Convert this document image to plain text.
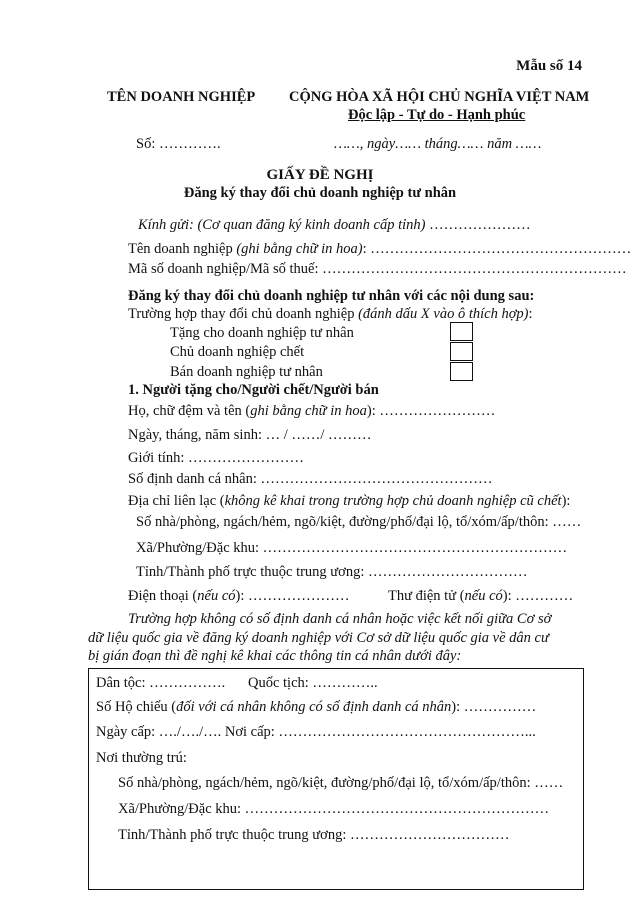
Mẫu số 14
TÊN DOANH NGHIỆP CỘNG HÒA XÃ HỘI CHỦ NGHĨA VIỆT NAM
Độc lập - Tự do - Hạnh phúc
Số: ………….	……, ngày…… tháng…… năm ……
GIẤY ĐỀ NGHỊ
Đăng ký thay đổi chủ doanh nghiệp tư nhân
Kính gửi: (Cơ quan đăng ký kinh doanh cấp tỉnh) …………………
Tên doanh nghiệp (ghi bằng chữ in hoa): ………………………………………………
Mã số doanh nghiệp/Mã số thuế: ………………………………………………………
Đăng ký thay đổi chủ doanh nghiệp tư nhân với các nội dung sau:
Trường hợp thay đổi chủ doanh nghiệp (đánh dấu X vào ô thích hợp):
Tặng cho doanh nghiệp tư nhân
Chủ doanh nghiệp chết
Bán doanh nghiệp tư nhân
1. Người tặng cho/Người chết/Người bán
Họ, chữ đệm và tên (ghi bằng chữ in hoa): ……………………
Ngày, tháng, năm sinh: … / ……/ ………
Giới tính: ……………………
Số định danh cá nhân: …………………………………………
Địa chỉ liên lạc (không kê khai trong trường hợp chủ doanh nghiệp cũ chết):
Số nhà/phòng, ngách/hẻm, ngõ/kiệt, đường/phố/đại lộ, tổ/xóm/ấp/thôn: ……
Xã/Phường/Đặc khu: ………………………………………………………
Tỉnh/Thành phố trực thuộc trung ương: ……………………………
Điện thoại (nếu có): …………………	Thư điện tử (nếu có): …………
Trường hợp không có số định danh cá nhân hoặc việc kết nối giữa Cơ sở
dữ liệu quốc gia về đăng ký doanh nghiệp với Cơ sở dữ liệu quốc gia về dân cư
bị gián đoạn thì đề nghị kê khai các thông tin cá nhân dưới đây:
Dân tộc: ……………. Quốc tịch: …………..
Số Hộ chiếu (đối với cá nhân không có số định danh cá nhân): ……………
Ngày cấp: …./…./…. Nơi cấp: ……………………………………………...
Nơi thường trú:
Số nhà/phòng, ngách/hẻm, ngõ/kiệt, đường/phố/đại lộ, tổ/xóm/ấp/thôn: ……
Xã/Phường/Đặc khu: ………………………………………………………
Tỉnh/Thành phố trực thuộc trung ương: ……………………………
